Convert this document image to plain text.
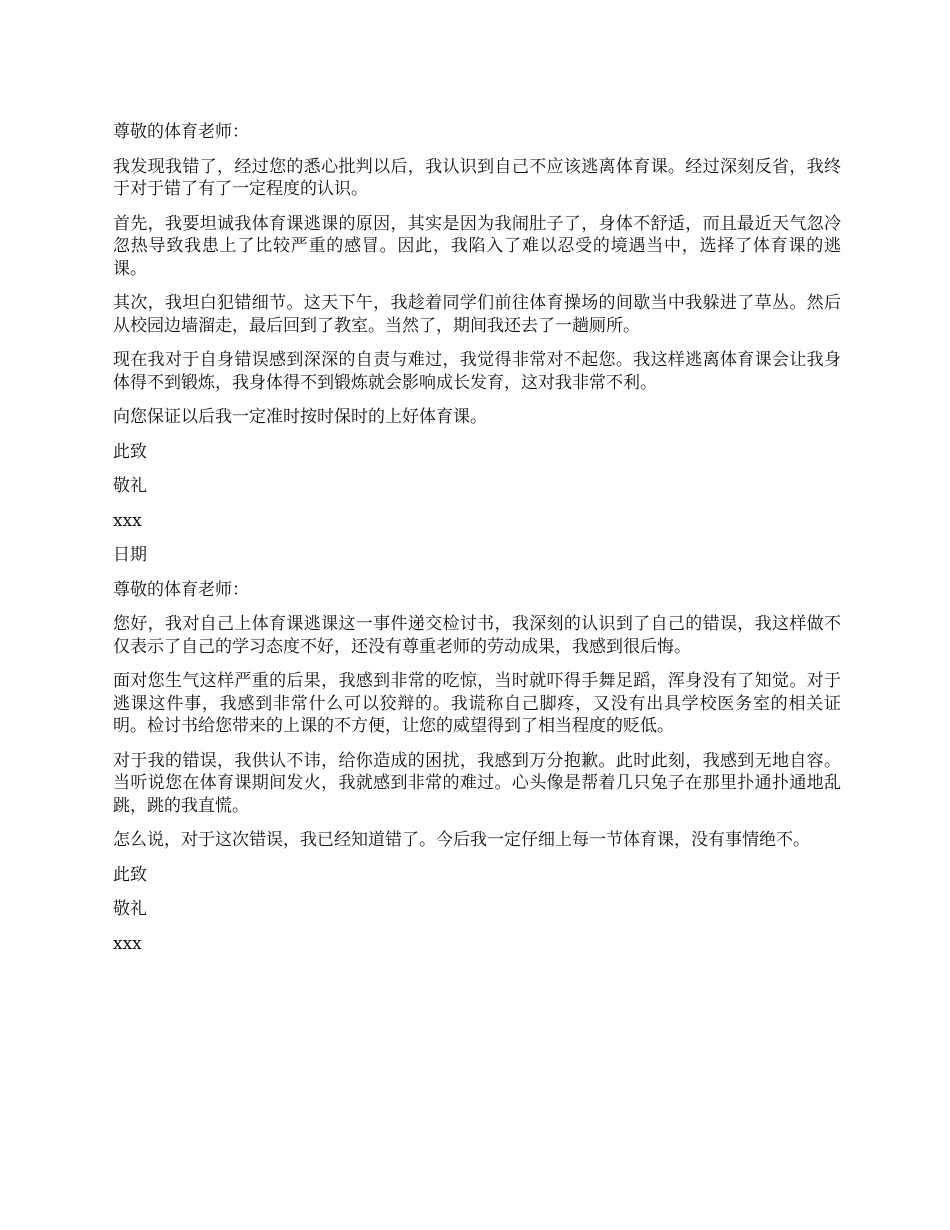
尊敬的体育老师：

我发现我错了，经过您的悉心批判以后，我认识到自己不应该逃离体育课。经过深刻反省，我终于对于错了有了一定程度的认识。

首先，我要坦诚我体育课逃课的原因，其实是因为我闹肚子了，身体不舒适，而且最近天气忽冷忽热导致我患上了比较严重的感冒。因此，我陷入了难以忍受的境遇当中，选择了体育课的逃课。

其次，我坦白犯错细节。这天下午，我趁着同学们前往体育操场的间歇当中我躲进了草丛。然后从校园边墙溜走，最后回到了教室。当然了，期间我还去了一趟厕所。

现在我对于自身错误感到深深的自责与难过，我觉得非常对不起您。我这样逃离体育课会让我身体得不到锻炼，我身体得不到锻炼就会影响成长发育，这对我非常不利。

向您保证以后我一定准时按时保时的上好体育课。

此致

敬礼

xxx

日期

尊敬的体育老师：

您好，我对自己上体育课逃课这一事件递交检讨书，我深刻的认识到了自己的错误，我这样做不仅表示了自己的学习态度不好，还没有尊重老师的劳动成果，我感到很后悔。

面对您生气这样严重的后果，我感到非常的吃惊，当时就吓得手舞足蹈，浑身没有了知觉。对于逃课这件事，我感到非常什么可以狡辩的。我谎称自己脚疼，又没有出具学校医务室的相关证明。检讨书给您带来的上课的不方便，让您的威望得到了相当程度的贬低。

对于我的错误，我供认不讳，给你造成的困扰，我感到万分抱歉。此时此刻，我感到无地自容。当听说您在体育课期间发火，我就感到非常的难过。心头像是帮着几只兔子在那里扑通扑通地乱跳，跳的我直慌。

怎么说，对于这次错误，我已经知道错了。今后我一定仔细上每一节体育课，没有事情绝不。

此致

敬礼

xxx
